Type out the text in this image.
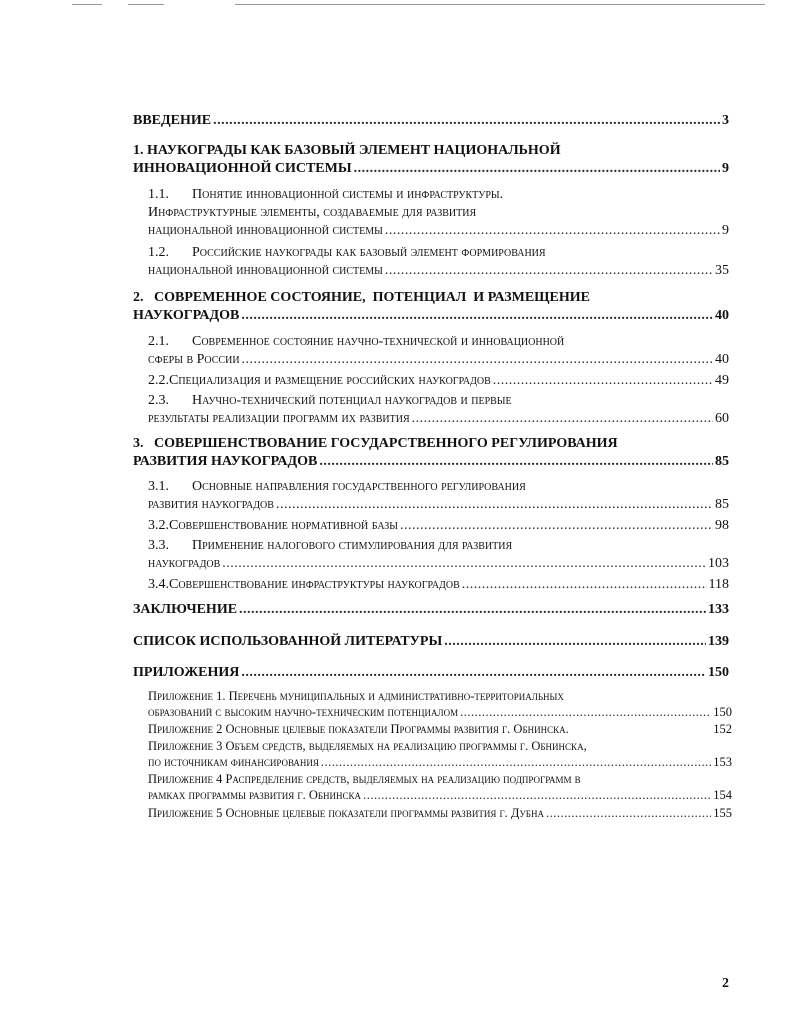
ВВЕДЕНИЕ .....	3
1. НАУКОГРАДЫ КАК БАЗОВЫЙ ЭЛЕМЕНТ НАЦИОНАЛЬНОЙ
ИННОВАЦИОННОЙ СИСТЕМЫ .....	9
1.1.	Понятие инновационной системы и инфраструктуры.
Инфраструктурные элементы, создаваемые для развития
национальной инновационной системы .....	9
1.2.	Российские наукограды как базовый элемент формирования
национальной инновационной системы .....	35
2.   СОВРЕМЕННОЕ СОСТОЯНИЕ,  ПОТЕНЦИАЛ  И РАЗМЕЩЕНИЕ
НАУКОГРАДОВ .....	40
2.1.	Современное состояние научно-технической и инновационной
сферы в России .....	40
2.2. Специализация и размещение российских наукоградов .....	49
2.3.	Научно-технический потенциал наукоградов и первые
результаты реализации программ их развития .....	60
3.   СОВЕРШЕНСТВОВАНИЕ ГОСУДАРСТВЕННОГО РЕГУЛИРОВАНИЯ
РАЗВИТИЯ НАУКОГРАДОВ .....	85
3.1.	Основные направления государственного регулирования
развития наукоградов .....	85
3.2. Совершенствование нормативной базы .....	98
3.3.	Применение налогового стимулирования для развития
наукоградов .....	103
3.4. Совершенствование инфраструктуры наукоградов .....	118
ЗАКЛЮЧЕНИЕ .....	133
СПИСОК ИСПОЛЬЗОВАННОЙ ЛИТЕРАТУРЫ .....	139
ПРИЛОЖЕНИЯ .....	150
Приложение 1. Перечень муниципальных и административно-территориальных
образований с высоким научно-техническим потенциалом .....	150
Приложение 2 Основные целевые показатели Программы развития г. Обнинска.	152
Приложение 3 Объем средств, выделяемых на реализацию программы г. Обнинска,
по источникам финансирования .....	153
Приложение 4 Распределение средств, выделяемых на реализацию подпрограмм в
рамках программы развития г. Обнинска .....	154
Приложение 5 Основные целевые показатели программы развития г. Дубна .....	155
2
